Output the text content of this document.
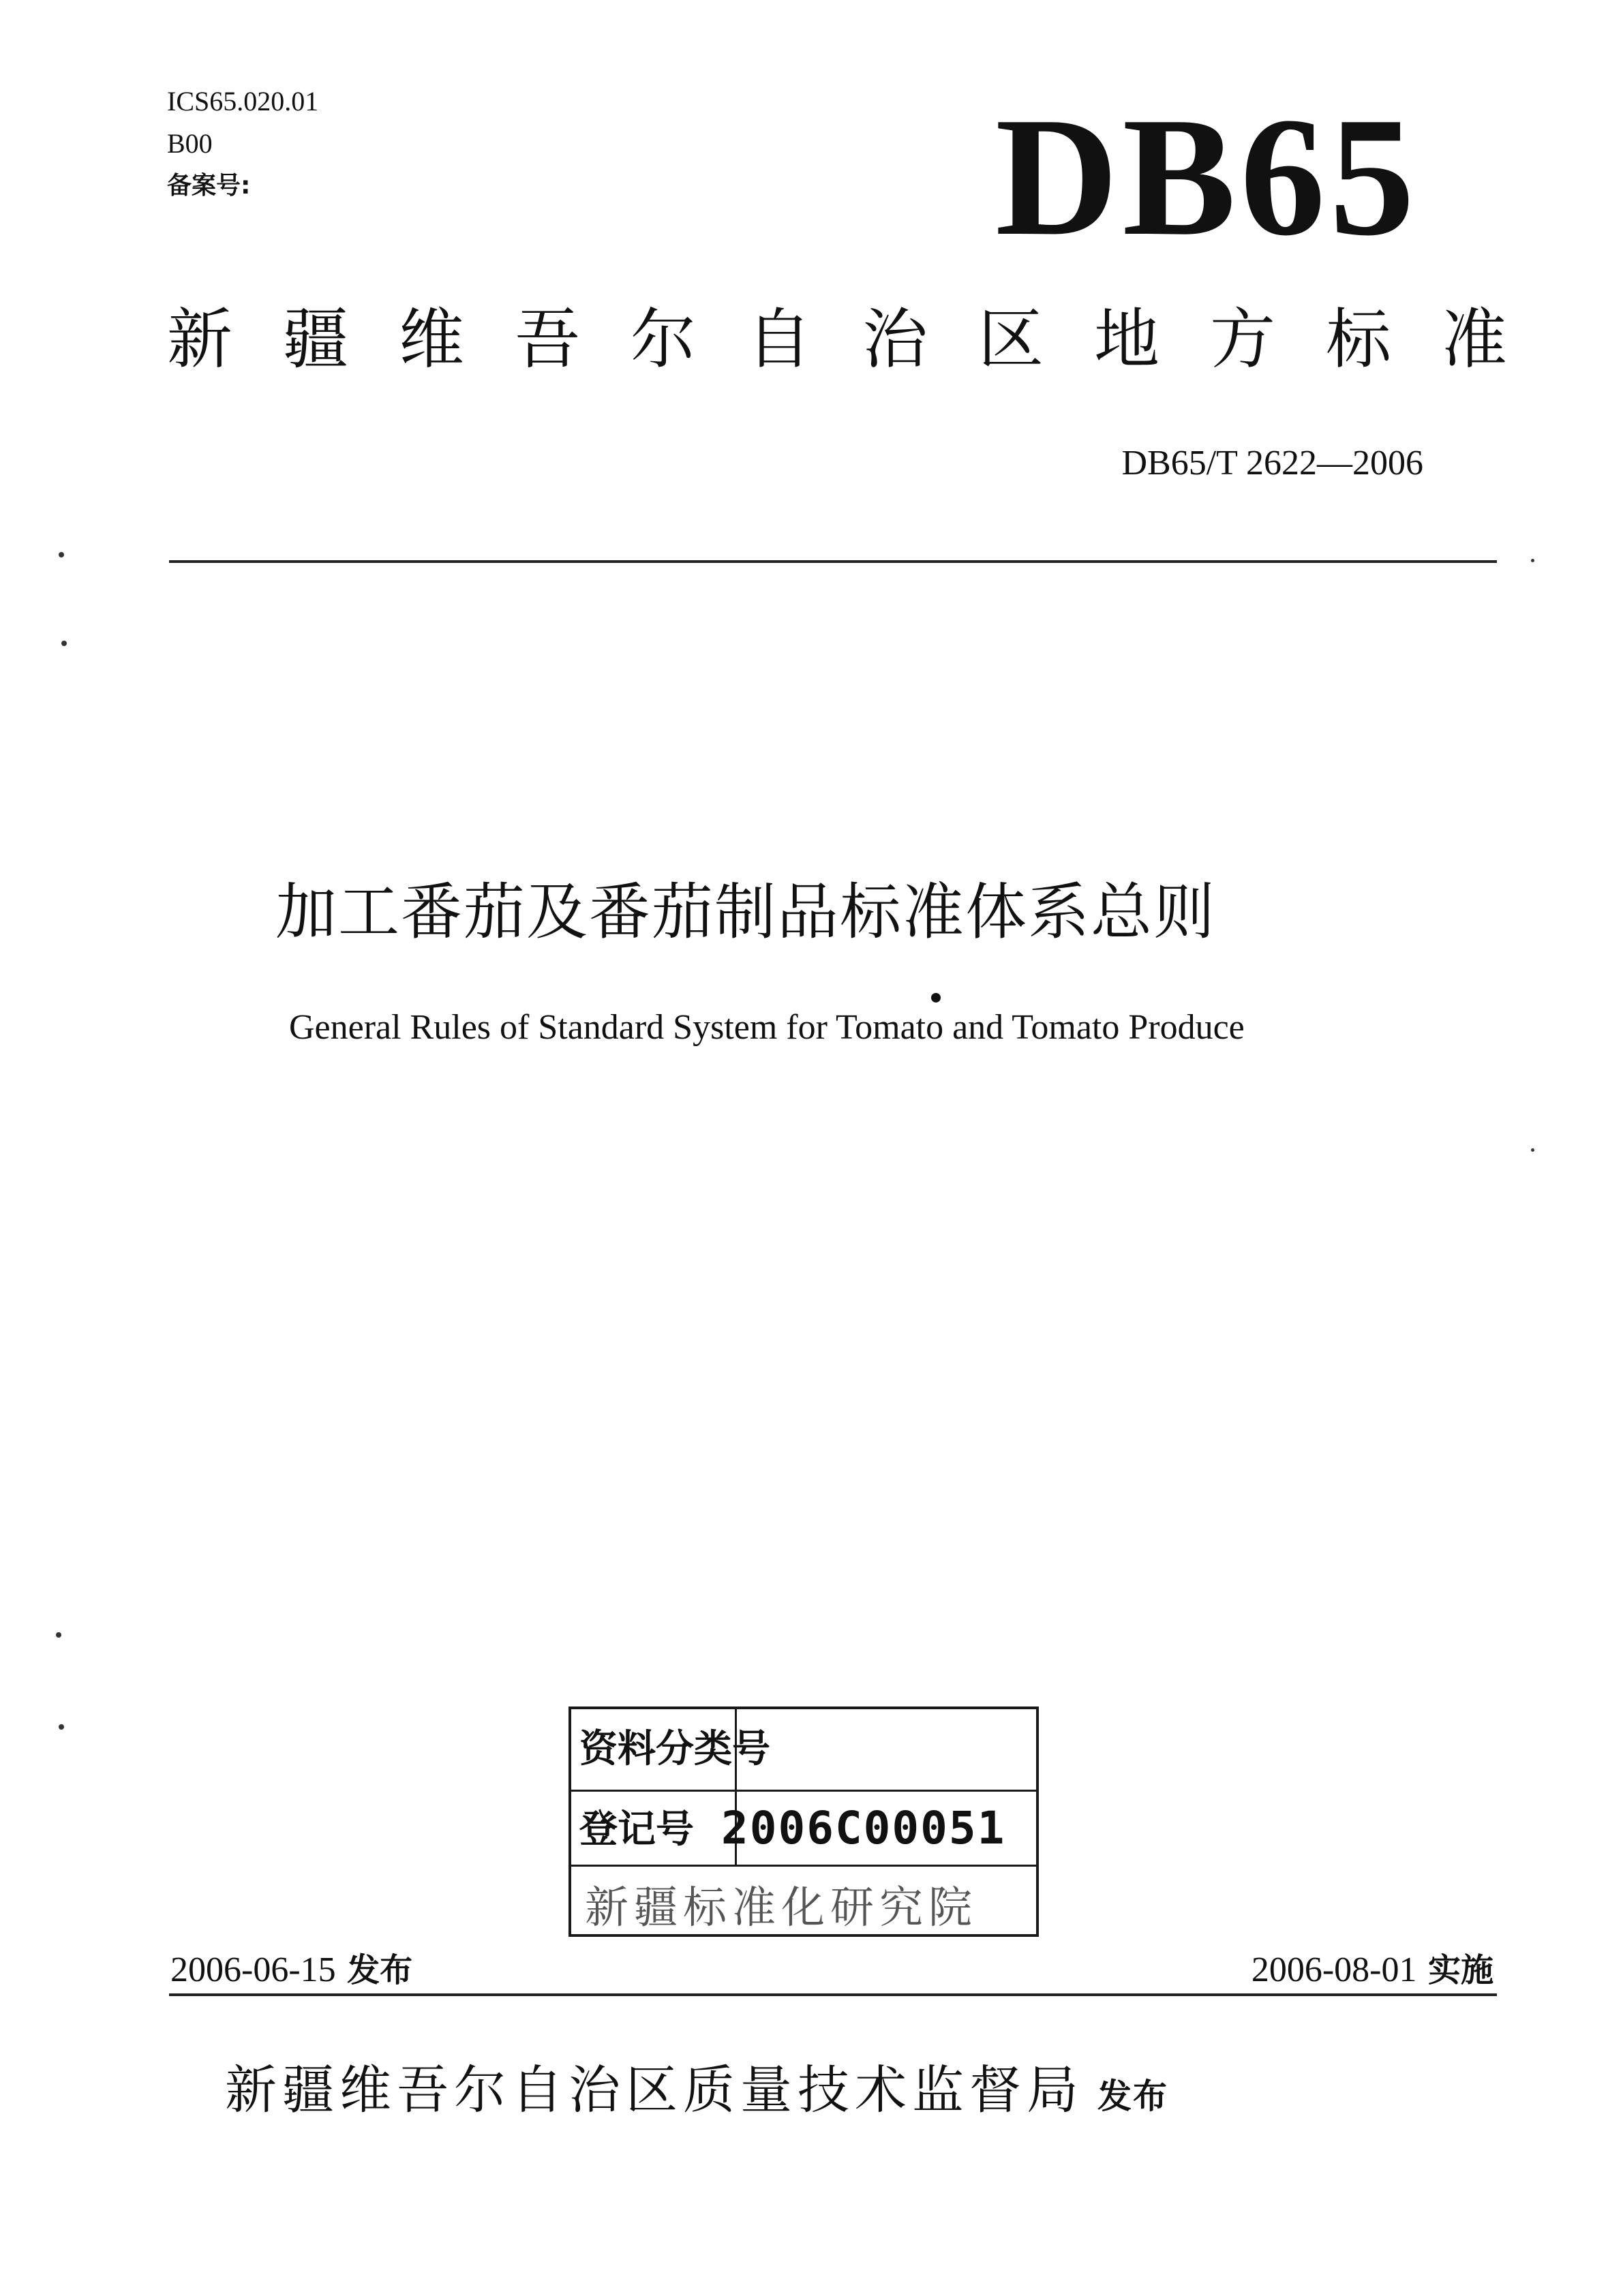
ICS65.020.01
B00
备案号:	DB65
新疆维吾尔自治区地方标准
DB65/T 2622—2006
加工番茄及番茄制品标准体系总则
General Rules of Standard System for Tomato and Tomato Produce
资料分类号
登记号 2006C00051
新疆标准化研究院
2006-06-15 发布	2006-08-01 实施
新疆维吾尔自治区质量技术监督局 发布
